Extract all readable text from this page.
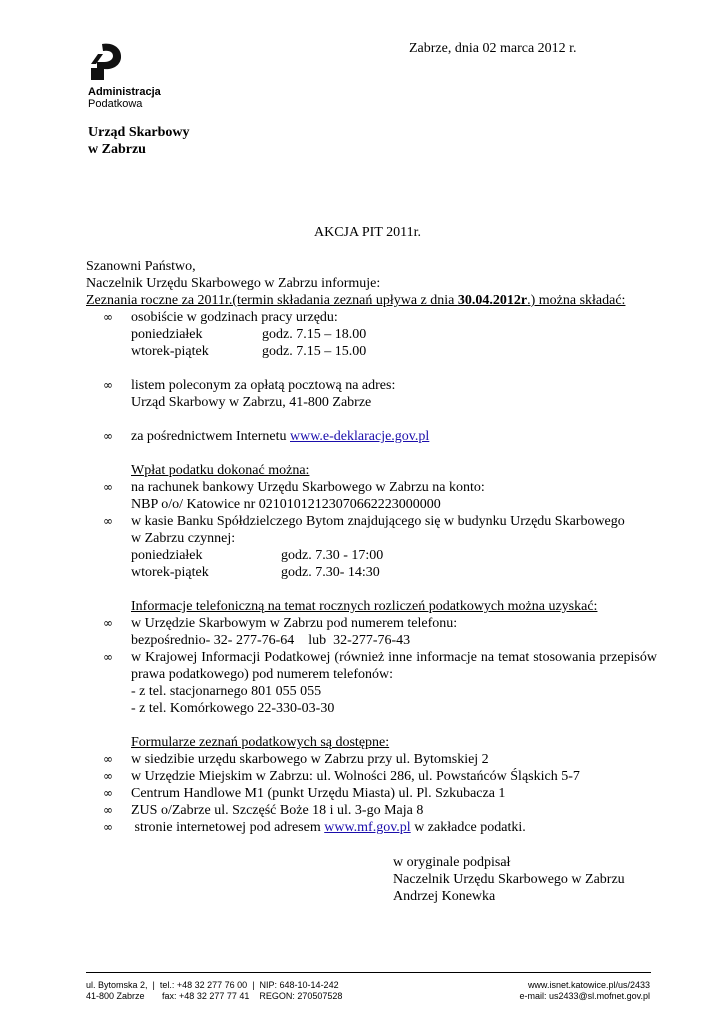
Administracja
Podatkowa
Zabrze, dnia 02 marca 2012 r.
Urząd Skarbowy
w Zabrzu
AKCJA PIT 2011r.
Szanowni Państwo,
Naczelnik Urzędu Skarbowego w Zabrzu informuje:
Zeznania roczne za 2011r.(termin składania zeznań upływa z dnia 30.04.2012r.) można składać:
∞ osobiście w godzinach pracy urzędu:
poniedziałek	godz. 7.15 – 18.00
wtorek-piątek	godz. 7.15 – 15.00
∞ listem poleconym za opłatą pocztową na adres:
Urząd Skarbowy w Zabrzu, 41-800 Zabrze
∞ za pośrednictwem Internetu www.e-deklaracje.gov.pl
Wpłat podatku dokonać można:
∞ na rachunek bankowy Urzędu Skarbowego w Zabrzu na konto:
NBP o/o/ Katowice nr 02101012123070662223000000
∞ w kasie Banku Spółdzielczego Bytom znajdującego się w budynku Urzędu Skarbowego
w Zabrzu czynnej:
poniedziałek	godz. 7.30 - 17:00
wtorek-piątek	godz. 7.30- 14:30
Informacje telefoniczną na temat rocznych rozliczeń podatkowych można uzyskać:
∞ w Urzędzie Skarbowym w Zabrzu pod numerem telefonu:
bezpośrednio- 32- 277-76-64    lub  32-277-76-43
∞ w Krajowej Informacji Podatkowej (również inne informacje na temat stosowania przepisów prawa podatkowego) pod numerem telefonów:
- z tel. stacjonarnego 801 055 055
- z tel. Komórkowego 22-330-03-30
Formularze zeznań podatkowych są dostępne:
∞ w siedzibie urzędu skarbowego w Zabrzu przy ul. Bytomskiej 2
∞ w Urzędzie Miejskim w Zabrzu: ul. Wolności 286, ul. Powstańców Śląskich 5-7
∞ Centrum Handlowe M1 (punkt Urzędu Miasta) ul. Pl. Szkubacza 1
∞ ZUS o/Zabrze ul. Szczęść Boże 18 i ul. 3-go Maja 8
∞ stronie internetowej pod adresem www.mf.gov.pl w zakładce podatki.
w oryginale podpisał
Naczelnik Urzędu Skarbowego w Zabrzu
Andrzej Konewka
ul. Bytomska 2,  |  tel.: +48 32 277 76 00  |  NIP: 648-10-14-242
41-800 Zabrze       fax: +48 32 277 77 41    REGON: 270507528
www.isnet.katowice.pl/us/2433
e-mail: us2433@sl.mofnet.gov.pl
